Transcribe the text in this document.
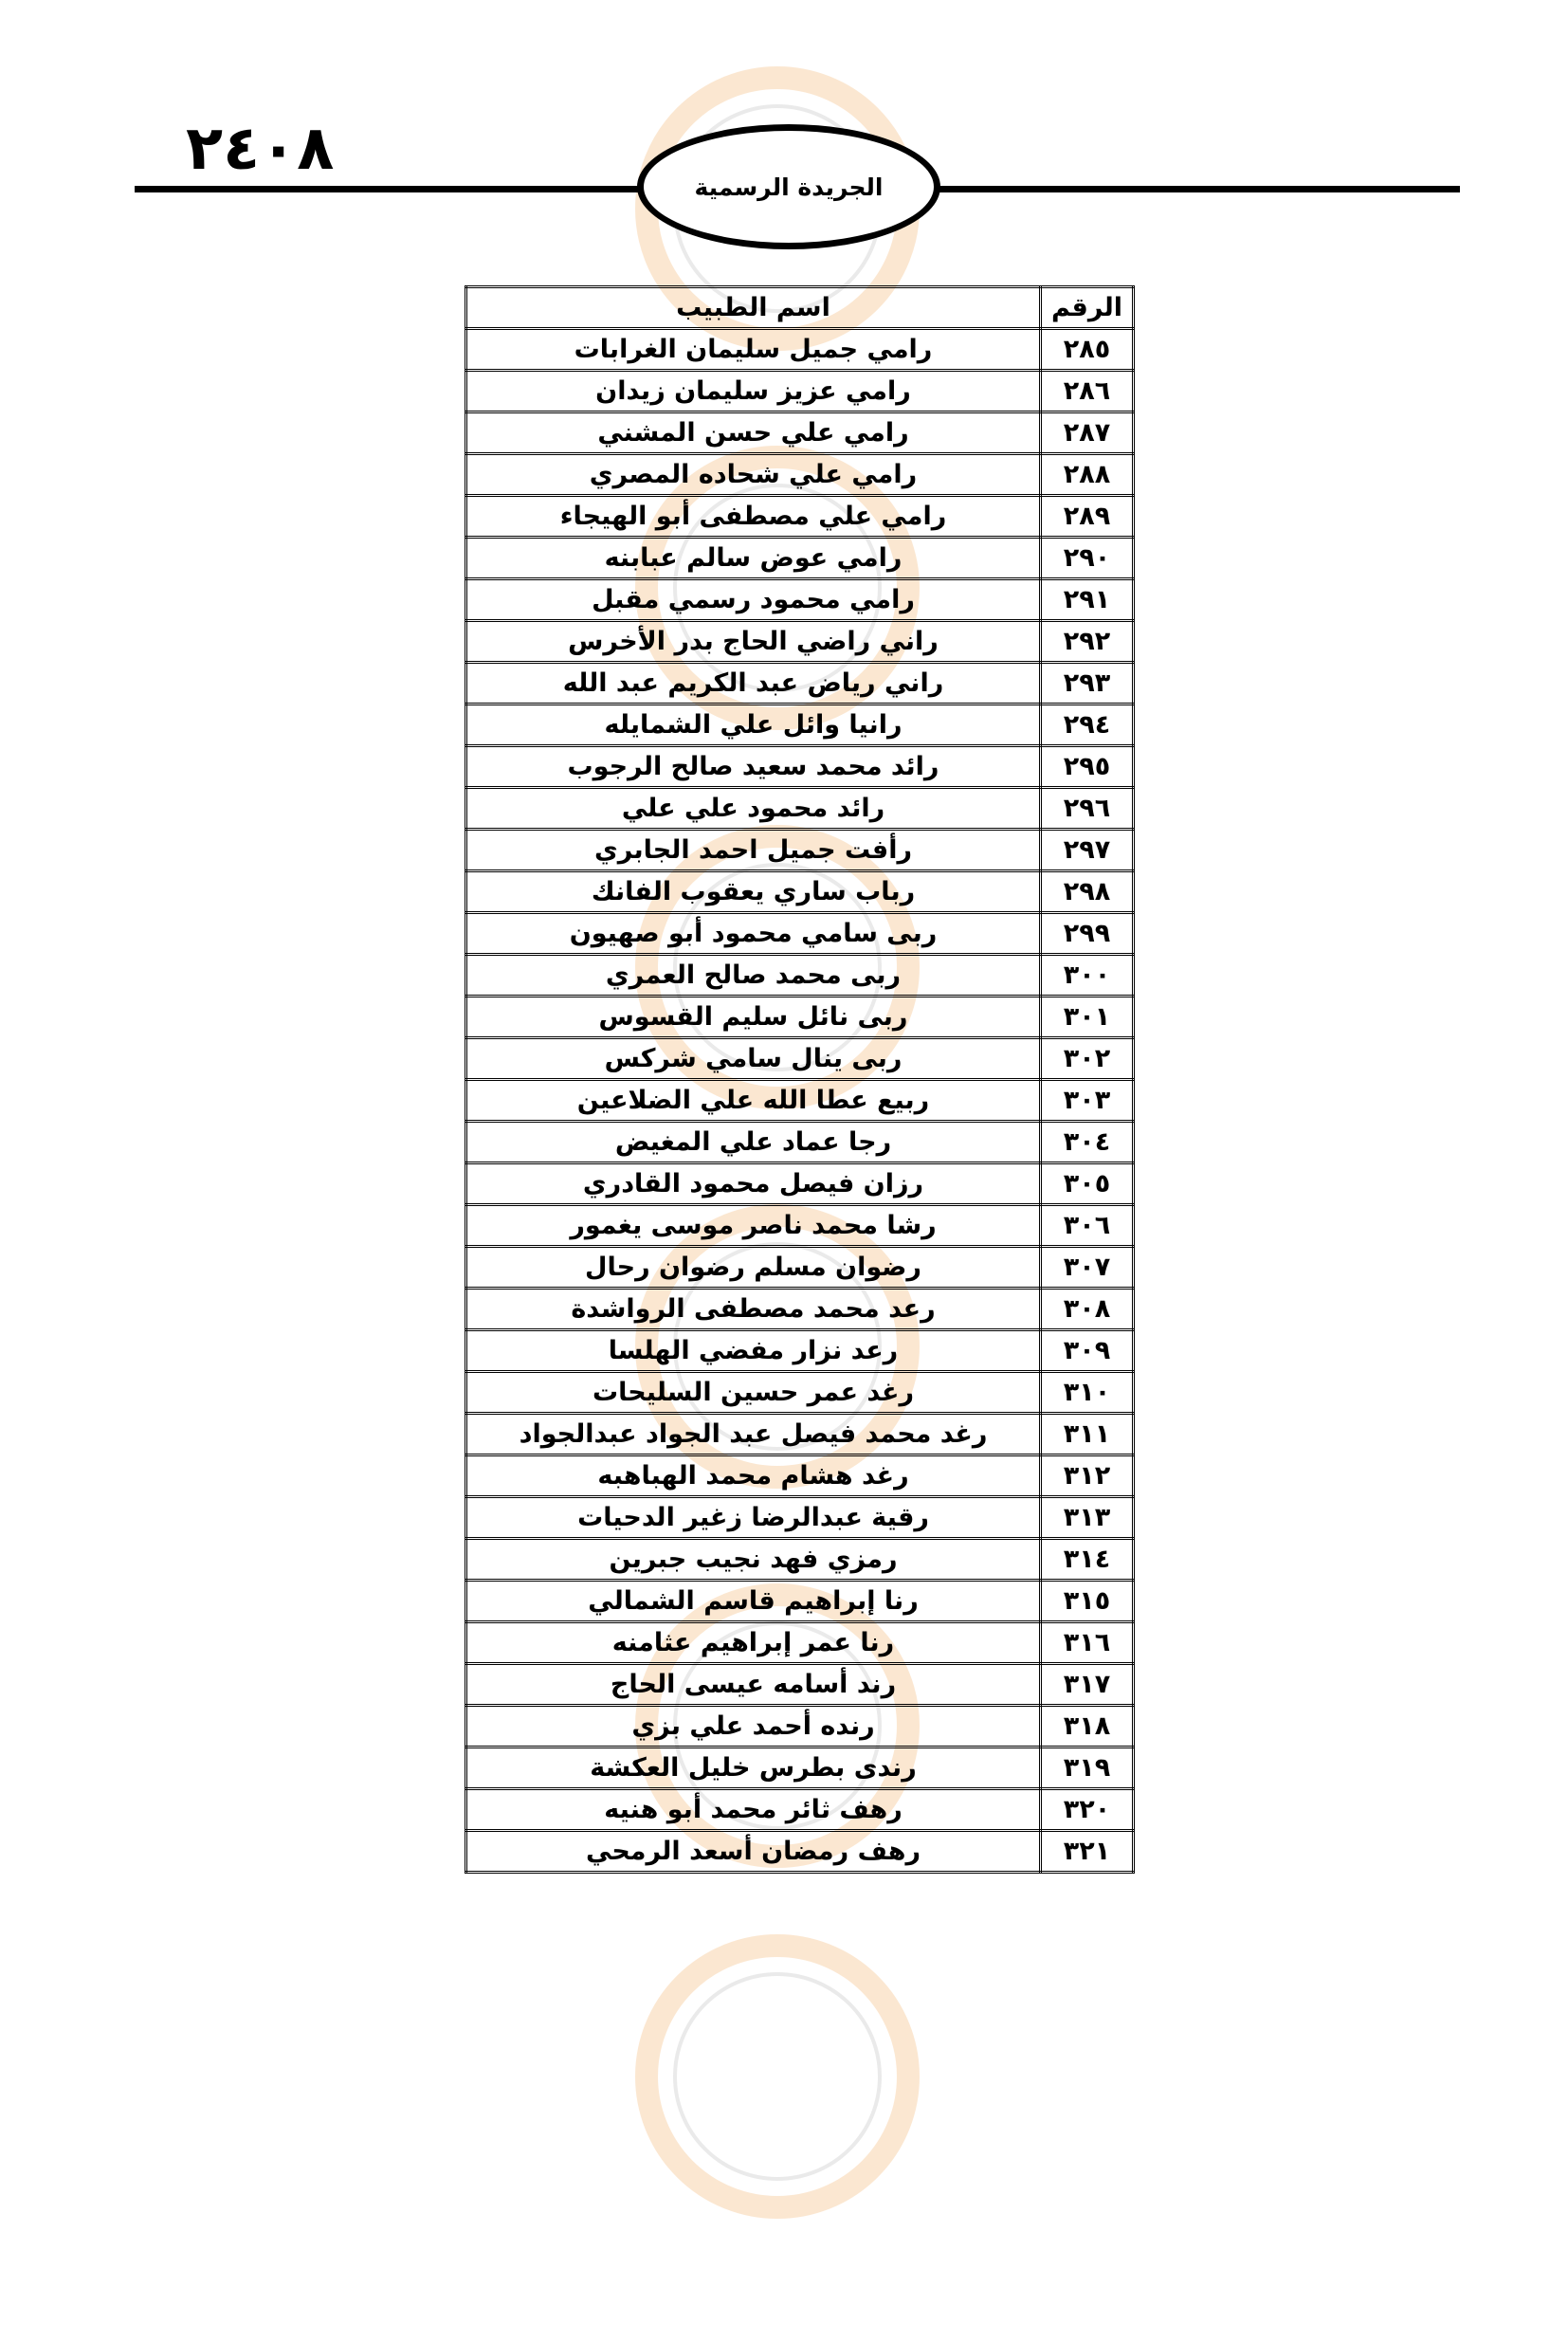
٢٤٠٨
الجريدة الرسمية
الرقم	اسم الطبيب
٢٨٥	رامي جميل سليمان الغرابات
٢٨٦	رامي عزيز سليمان زيدان
٢٨٧	رامي علي حسن المشني
٢٨٨	رامي علي شحاده المصري
٢٨٩	رامي علي مصطفى أبو الهيجاء
٢٩٠	رامي عوض سالم عبابنه
٢٩١	رامي محمود رسمي مقبل
٢٩٢	راني راضي الحاج بدر الأخرس
٢٩٣	راني رياض عبد الكريم عبد الله
٢٩٤	رانيا وائل علي الشمايله
٢٩٥	رائد محمد سعيد صالح الرجوب
٢٩٦	رائد محمود علي علي
٢٩٧	رأفت جميل احمد الجابري
٢٩٨	رباب ساري يعقوب الفانك
٢٩٩	ربى سامي محمود أبو صهيون
٣٠٠	ربى محمد صالح العمري
٣٠١	ربى نائل سليم القسوس
٣٠٢	ربى ينال سامي شركس
٣٠٣	ربيع عطا الله علي الضلاعين
٣٠٤	رجا عماد علي المغيض
٣٠٥	رزان فيصل محمود القادري
٣٠٦	رشا محمد ناصر موسى يغمور
٣٠٧	رضوان مسلم رضوان رحال
٣٠٨	رعد محمد مصطفى الرواشدة
٣٠٩	رعد نزار مفضي الهلسا
٣١٠	رغد عمر حسين السليحات
٣١١	رغد محمد فيصل عبد الجواد عبدالجواد
٣١٢	رغد هشام محمد الهباهبه
٣١٣	رقية عبدالرضا زغير الدحيات
٣١٤	رمزي فهد نجيب جبرين
٣١٥	رنا إبراهيم قاسم الشمالي
٣١٦	رنا عمر إبراهيم عثامنه
٣١٧	رند أسامه عيسى الحاج
٣١٨	رنده أحمد علي بزي
٣١٩	رندى بطرس خليل العكشة
٣٢٠	رهف ثائر محمد أبو هنيه
٣٢١	رهف رمضان أسعد الرمحي
